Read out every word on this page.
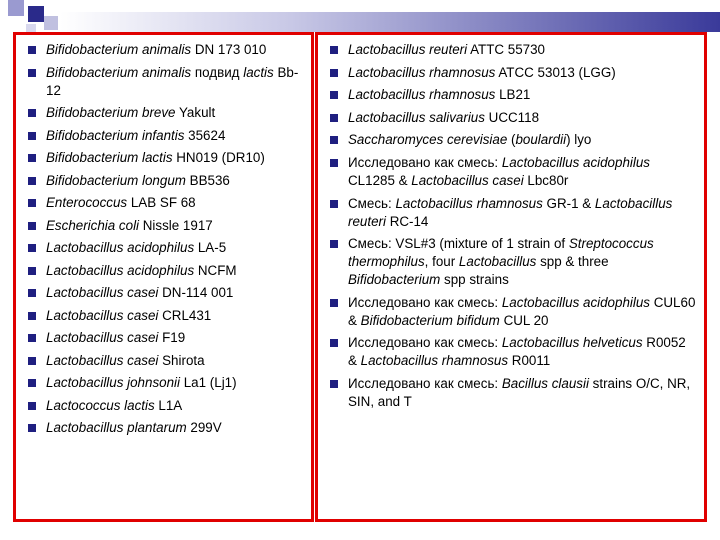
Bifidobacterium animalis DN 173 010
Bifidobacterium animalis подвид lactis Bb-12
Bifidobacterium breve Yakult
Bifidobacterium infantis 35624
Bifidobacterium lactis HN019 (DR10)
Bifidobacterium longum BB536
Enterococcus LAB SF 68
Escherichia coli Nissle 1917
Lactobacillus acidophilus LA-5
Lactobacillus acidophilus NCFM
Lactobacillus casei DN-114 001
Lactobacillus casei CRL431
Lactobacillus casei F19
Lactobacillus casei Shirota
Lactobacillus johnsonii La1 (Lj1)
Lactococcus lactis L1A
Lactobacillus plantarum 299V
Lactobacillus reuteri ATTC 55730
Lactobacillus rhamnosus ATCC 53013 (LGG)
Lactobacillus rhamnosus LB21
Lactobacillus salivarius UCC118
Saccharomyces cerevisiae (boulardii) lyo
Исследовано как смесь: Lactobacillus acidophilus CL1285 & Lactobacillus casei Lbc80r
Смесь: Lactobacillus rhamnosus GR-1 & Lactobacillus reuteri RC-14
Смесь: VSL#3 (mixture of 1 strain of Streptococcus thermophilus, four Lactobacillus spp & three Bifidobacterium spp strains
Исследовано как смесь: Lactobacillus acidophilus CUL60 & Bifidobacterium bifidum CUL 20
Исследовано как смесь: Lactobacillus helveticus R0052 & Lactobacillus rhamnosus R0011
Исследовано как смесь: Bacillus clausii strains O/C, NR, SIN, and T
